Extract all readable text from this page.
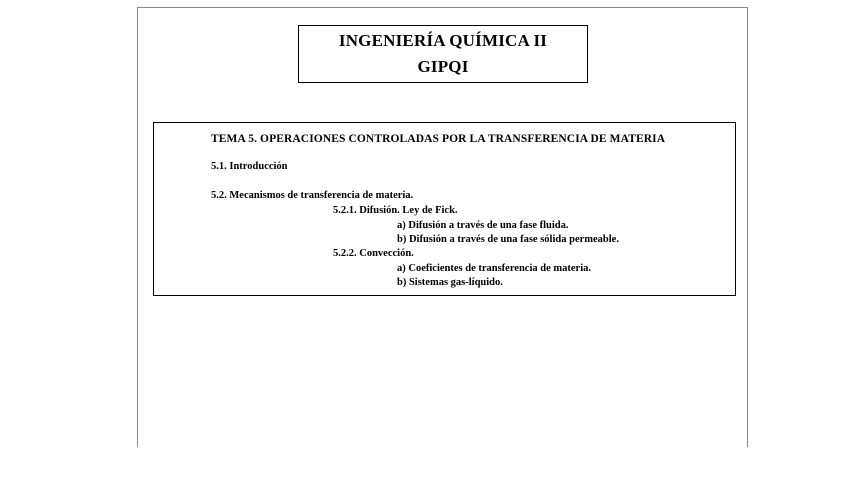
INGENIERÍA QUÍMICA II
GIPQI
TEMA 5. OPERACIONES CONTROLADAS POR LA TRANSFERENCIA DE MATERIA
5.1. Introducción
5.2. Mecanismos de transferencia de materia.
5.2.1. Difusión. Ley de Fick.
a) Difusión a través de una fase fluida.
b) Difusión a través de una fase sólida permeable.
5.2.2. Convección.
a) Coeficientes de transferencia de materia.
b) Sistemas gas-líquido.
